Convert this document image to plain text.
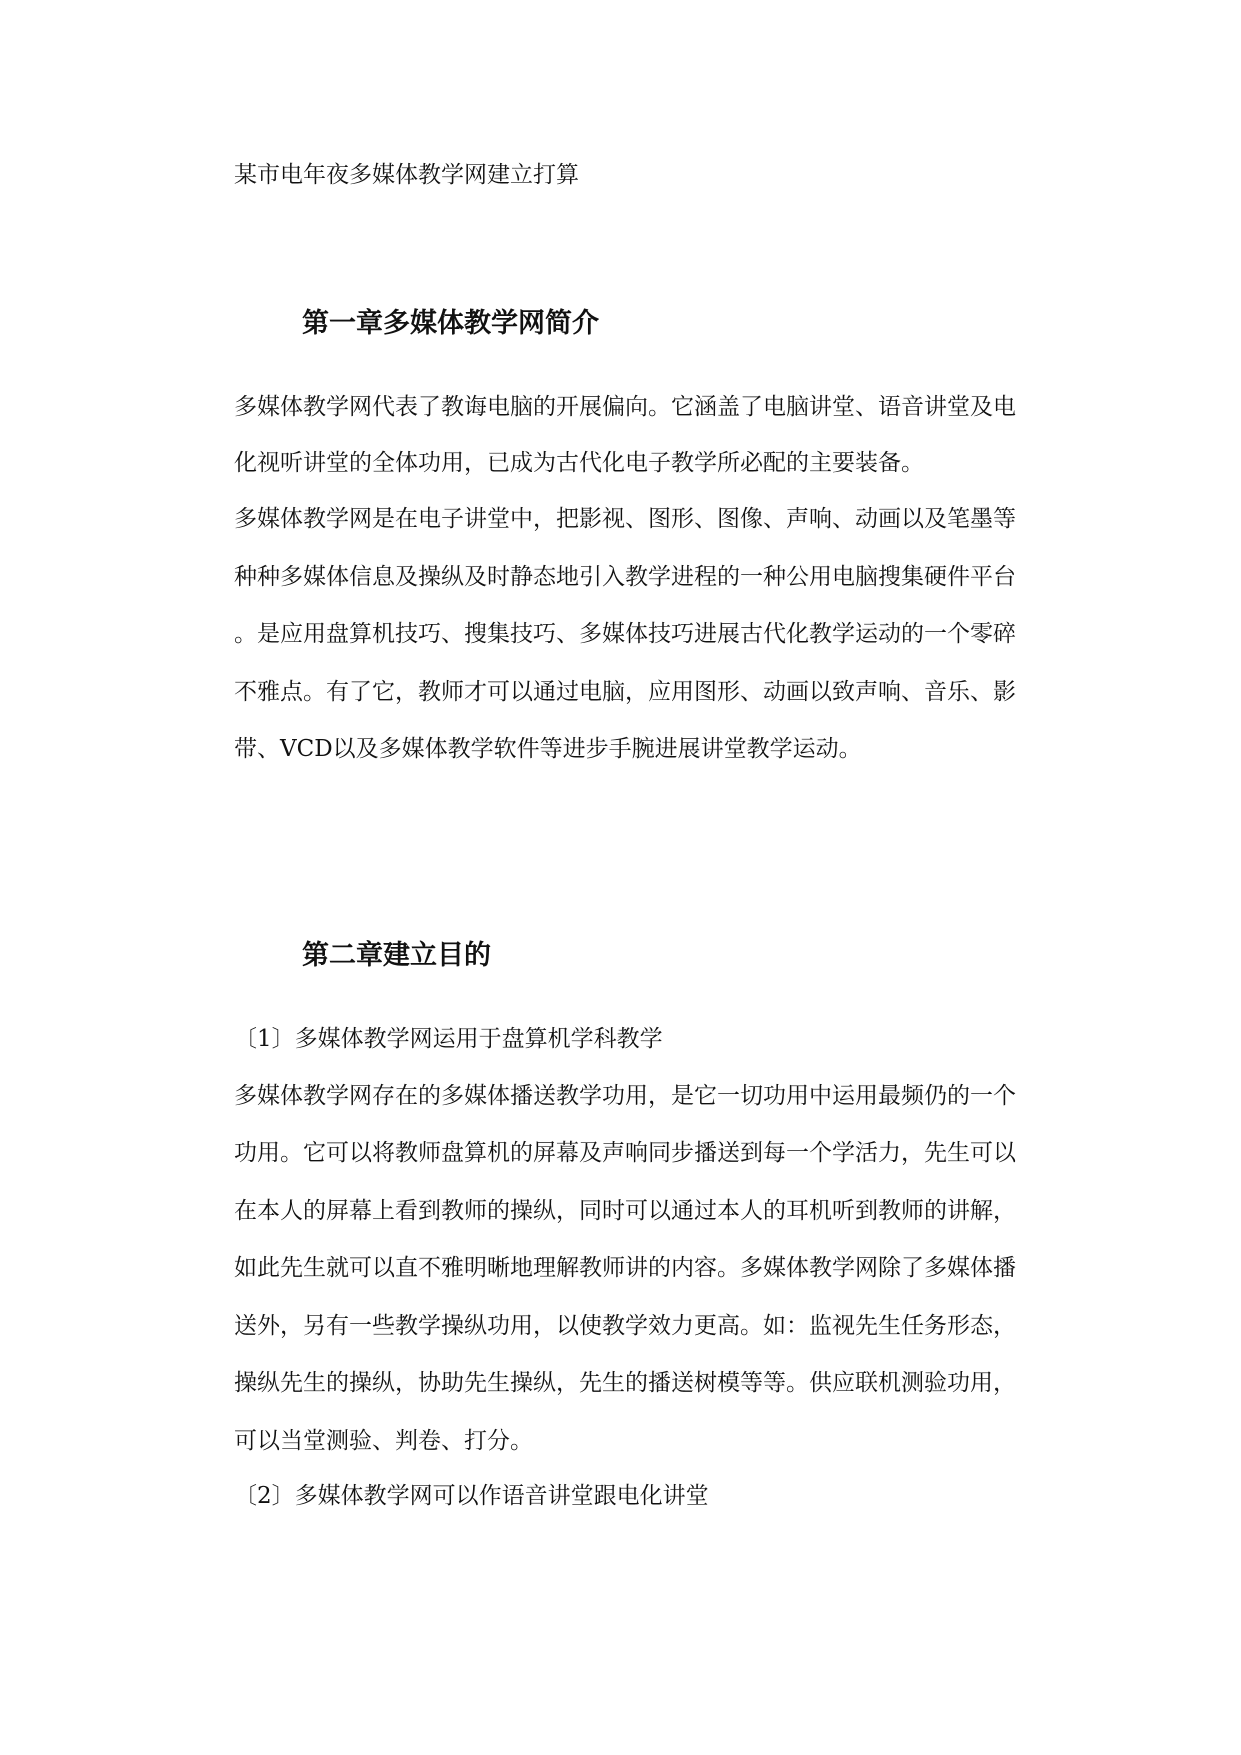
某市电年夜多媒体教学网建立打算
第一章多媒体教学网简介
多媒体教学网代表了教诲电脑的开展偏向。它涵盖了电脑讲堂、语音讲堂及电
化视听讲堂的全体功用，已成为古代化电子教学所必配的主要装备。
多媒体教学网是在电子讲堂中，把影视、图形、图像、声响、动画以及笔墨等
种种多媒体信息及操纵及时静态地引入教学进程的一种公用电脑搜集硬件平台
。是应用盘算机技巧、搜集技巧、多媒体技巧进展古代化教学运动的一个零碎
不雅点。有了它，教师才可以通过电脑，应用图形、动画以致声响、音乐、影
带、VCD以及多媒体教学软件等进步手腕进展讲堂教学运动。
第二章建立目的
〔1〕多媒体教学网运用于盘算机学科教学
多媒体教学网存在的多媒体播送教学功用，是它一切功用中运用最频仍的一个
功用。它可以将教师盘算机的屏幕及声响同步播送到每一个学活力，先生可以
在本人的屏幕上看到教师的操纵，同时可以通过本人的耳机听到教师的讲解，
如此先生就可以直不雅明晰地理解教师讲的内容。多媒体教学网除了多媒体播
送外，另有一些教学操纵功用，以使教学效力更高。如：监视先生任务形态，
操纵先生的操纵，协助先生操纵，先生的播送树模等等。供应联机测验功用，
可以当堂测验、判卷、打分。
〔2〕多媒体教学网可以作语音讲堂跟电化讲堂
